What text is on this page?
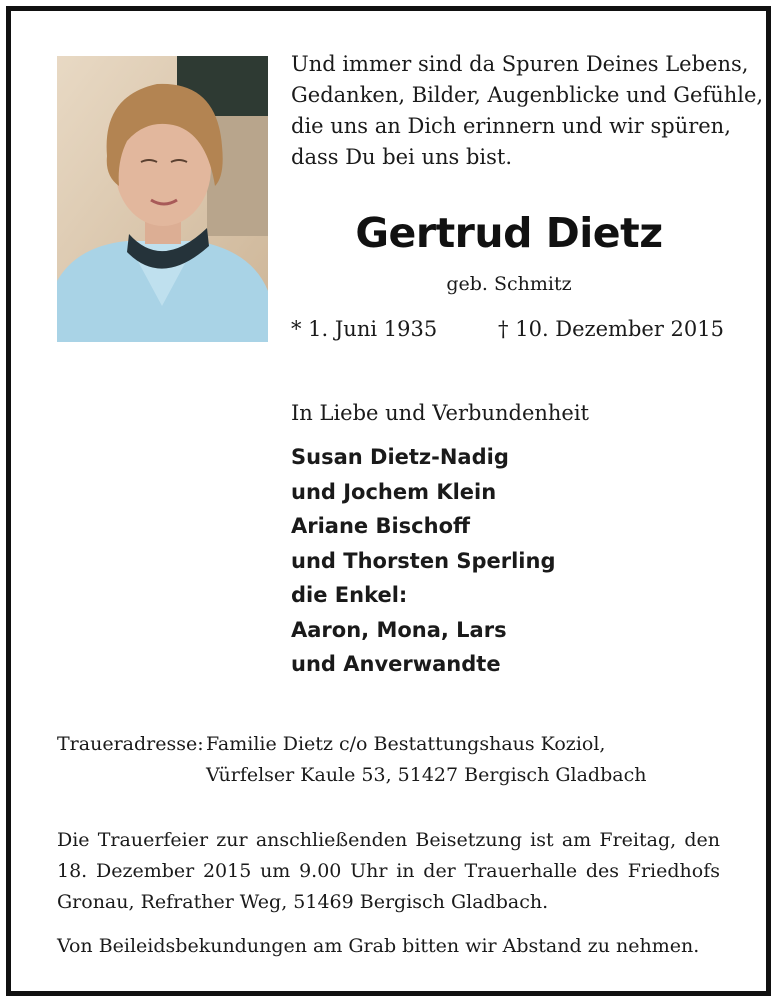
Und immer sind da Spuren Deines Lebens,
Gedanken, Bilder, Augenblicke und Gefühle,
die uns an Dich erinnern und wir spüren,
dass Du bei uns bist.
Gertrud Dietz
geb. Schmitz
* 1. Juni 1935	† 10. Dezember 2015
In Liebe und Verbundenheit
Susan Dietz-Nadig
und Jochem Klein
Ariane Bischoff
und Thorsten Sperling
die Enkel:
Aaron, Mona, Lars
und Anverwandte
Traueradresse: Familie Dietz c/o Bestattungshaus Koziol,
Vürfelser Kaule 53, 51427 Bergisch Gladbach
Die Trauerfeier zur anschließenden Beisetzung ist am Freitag, den 18. Dezember 2015 um 9.00 Uhr in der Trauerhalle des Friedhofs Gronau, Refrather Weg, 51469 Bergisch Gladbach.
Von Beileidsbekundungen am Grab bitten wir Abstand zu nehmen.
